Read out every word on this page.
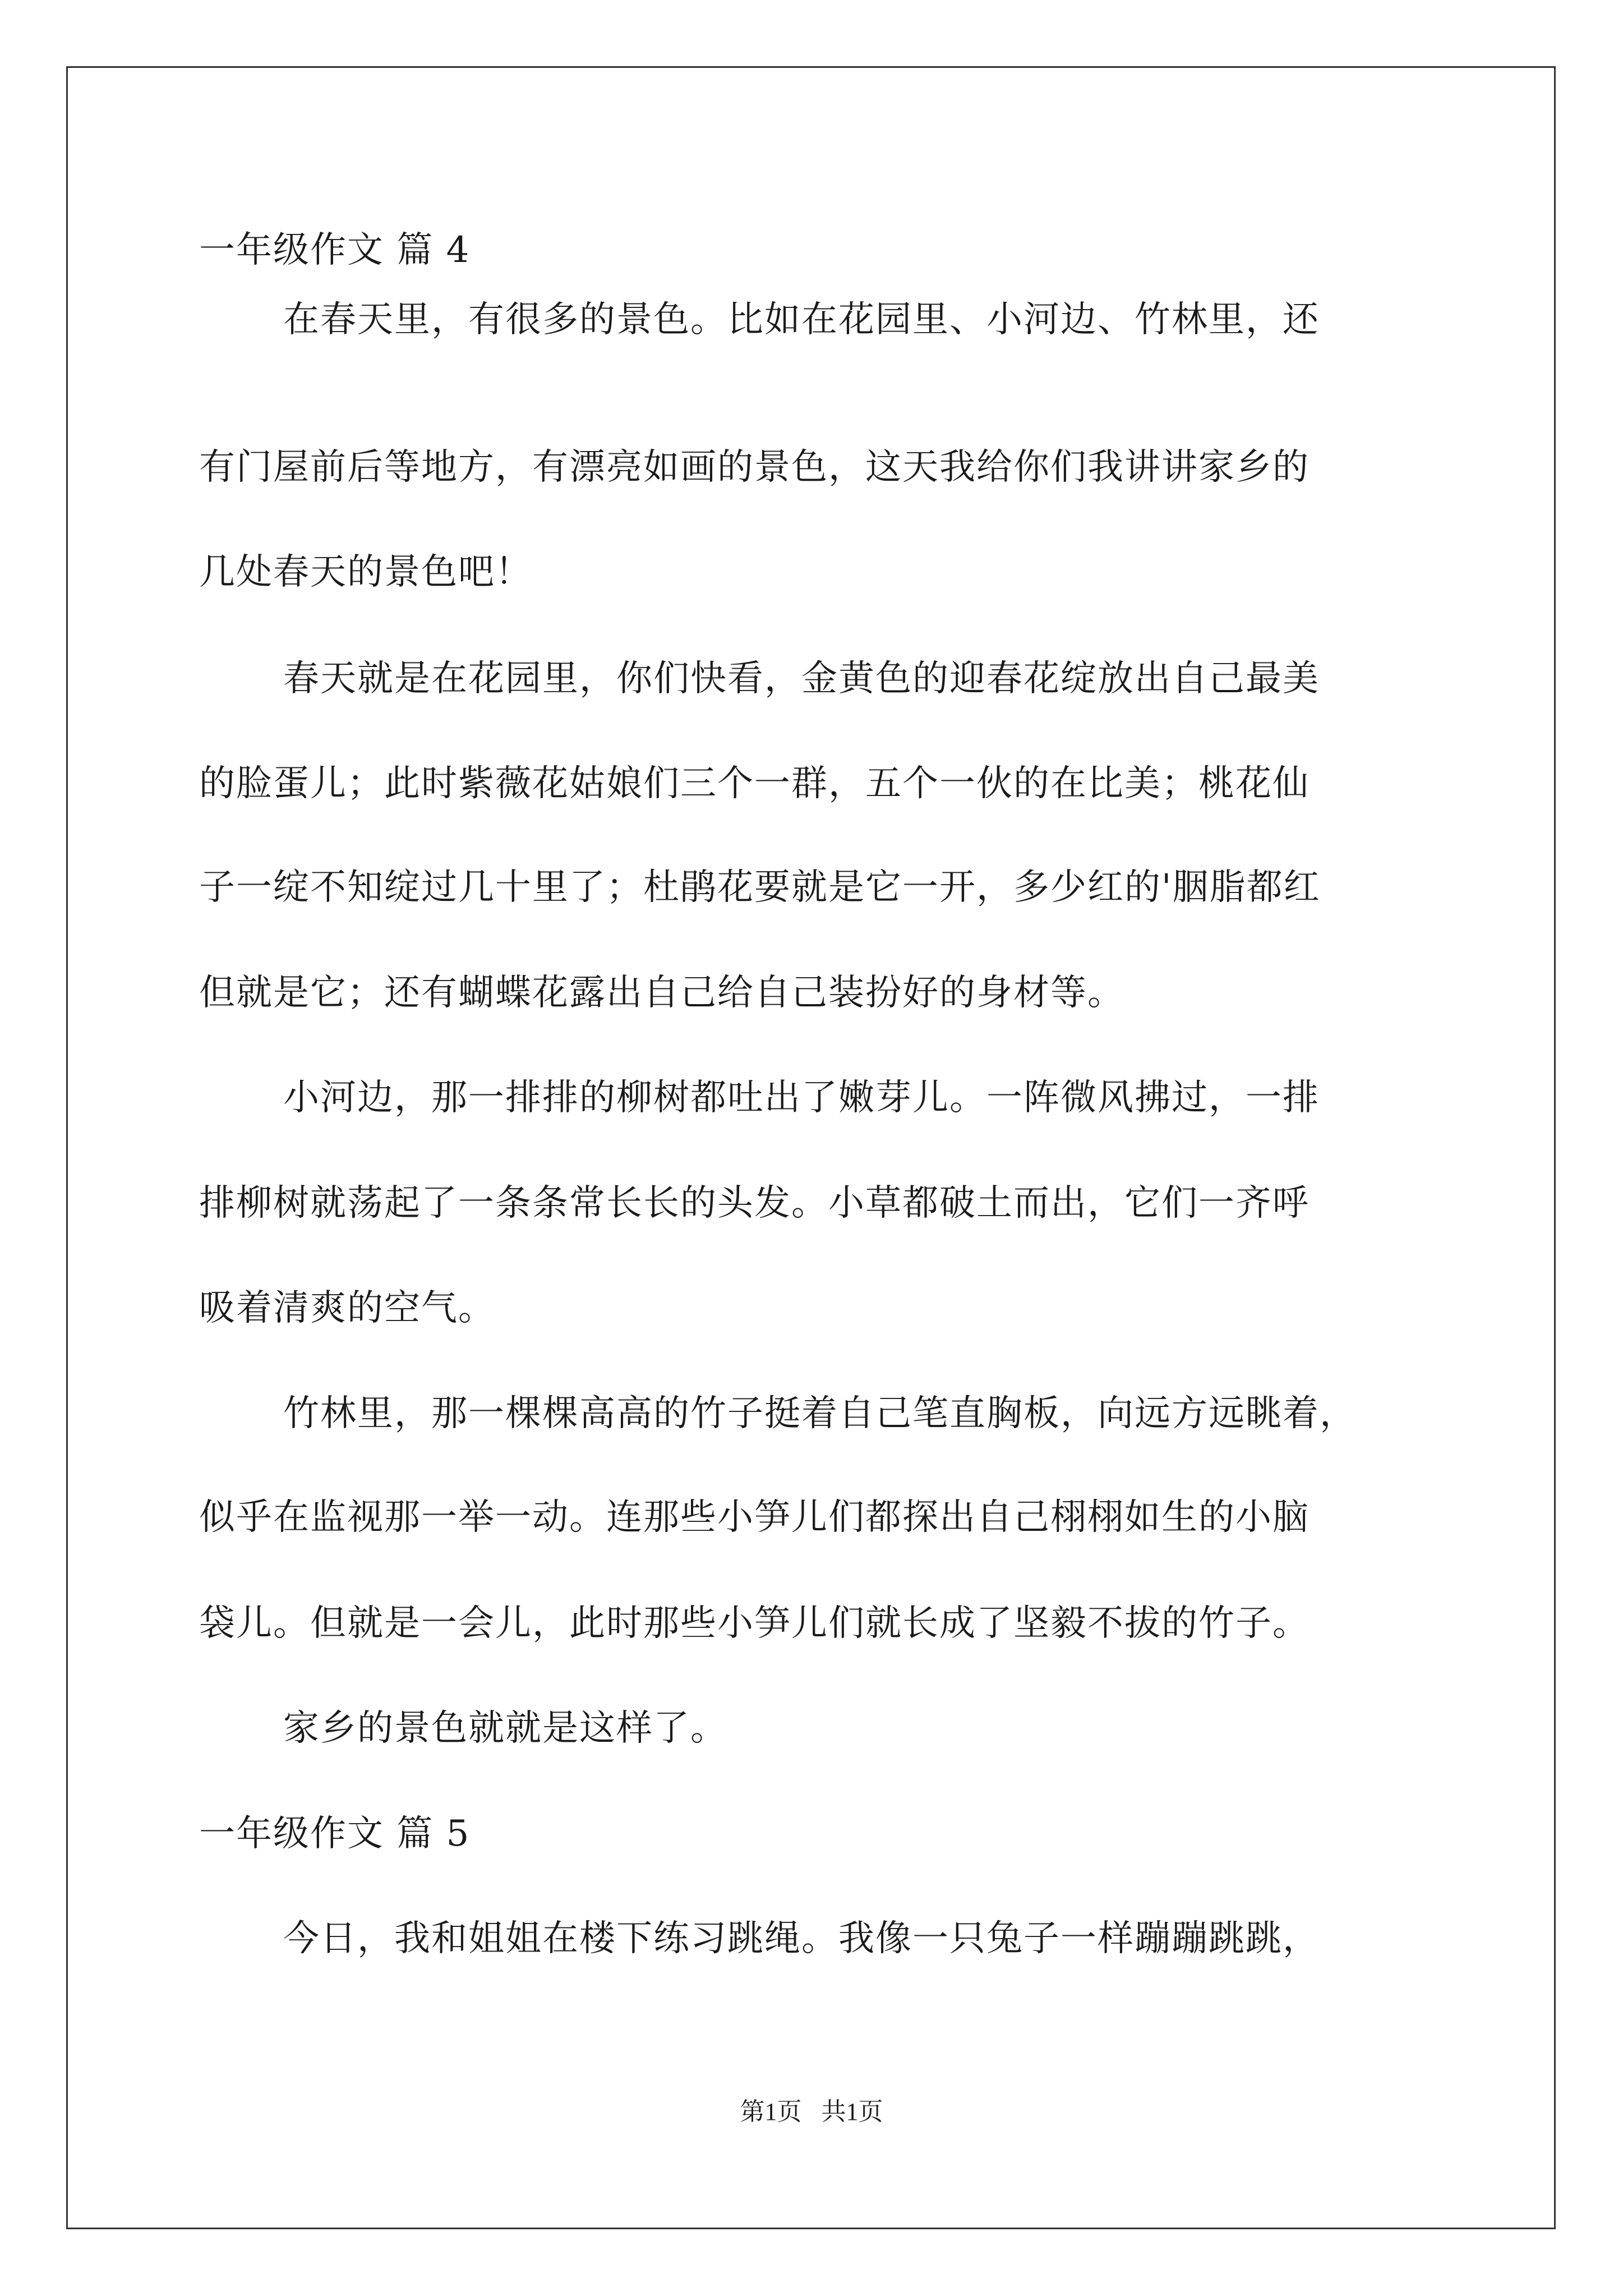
一年级作文 篇 4
在春天里，有很多的景色。比如在花园里、小河边、竹林里，还
有门屋前后等地方，有漂亮如画的景色，这天我给你们我讲讲家乡的
几处春天的景色吧！
春天就是在花园里，你们快看，金黄色的迎春花绽放出自己最美
的脸蛋儿；此时紫薇花姑娘们三个一群，五个一伙的在比美；桃花仙
子一绽不知绽过几十里了；杜鹃花要就是它一开，多少红的'胭脂都红
但就是它；还有蝴蝶花露出自己给自己装扮好的身材等。
小河边，那一排排的柳树都吐出了嫩芽儿。一阵微风拂过，一排
排柳树就荡起了一条条常长长的头发。小草都破土而出，它们一齐呼
吸着清爽的空气。
竹林里，那一棵棵高高的竹子挺着自己笔直胸板，向远方远眺着，
似乎在监视那一举一动。连那些小笋儿们都探出自己栩栩如生的小脑
袋儿。但就是一会儿，此时那些小笋儿们就长成了坚毅不拔的竹子。
家乡的景色就就是这样了。
一年级作文 篇 5
今日，我和姐姐在楼下练习跳绳。我像一只兔子一样蹦蹦跳跳，
第1页 共1页
